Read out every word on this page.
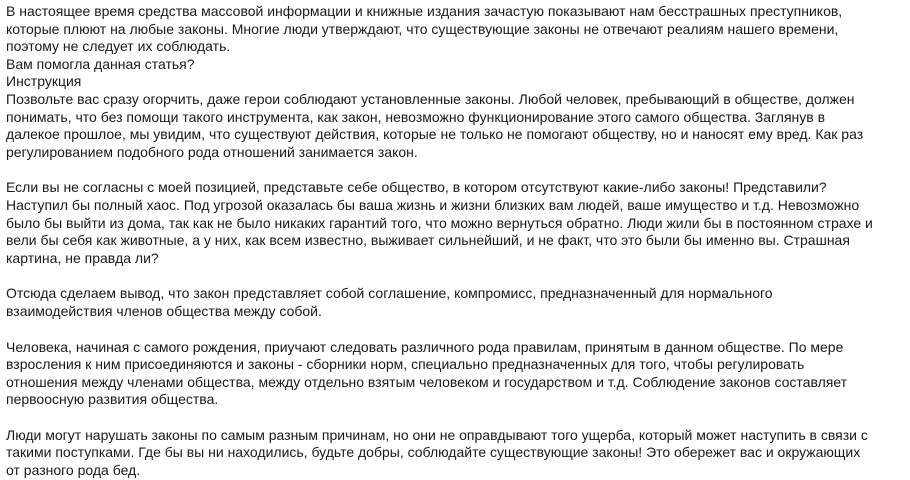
В настоящее время средства массовой информации и книжные издания зачастую показывают нам бесстрашных преступников,
которые плюют на любые законы. Многие люди утверждают, что существующие законы не отвечают реалиям нашего времени,
поэтому не следует их соблюдать.

Вам помогла данная статья?

Инструкция

Позвольте вас сразу огорчить, даже герои соблюдают установленные законы. Любой человек, пребывающий в обществе, должен
понимать, что без помощи такого инструмента, как закон, невозможно функционирование этого самого общества. Заглянув в
далекое прошлое, мы увидим, что существуют действия, которые не только не помогают обществу, но и наносят ему вред. Как раз
регулированием подобного рода отношений занимается закон.

Если вы не согласны с моей позицией, представьте себе общество, в котором отсутствуют какие-либо законы! Представили?
Наступил бы полный хаос. Под угрозой оказалась бы ваша жизнь и жизни близких вам людей, ваше имущество и т.д. Невозможно
было бы выйти из дома, так как не было никаких гарантий того, что можно вернуться обратно. Люди жили бы в постоянном страхе и
вели бы себя как животные, а у них, как всем известно, выживает сильнейший, и не факт, что это были бы именно вы. Страшная
картина, не правда ли?

Отсюда сделаем вывод, что закон представляет собой соглашение, компромисс, предназначенный для нормального
взаимодействия членов общества между собой.

Человека, начиная с самого рождения, приучают следовать различного рода правилам, принятым в данном обществе. По мере
взросления к ним присоединяются и законы - сборники норм, специально предназначенных для того, чтобы регулировать
отношения между членами общества, между отдельно взятым человеком и государством и т.д. Соблюдение законов составляет
первоосную развития общества.

Люди могут нарушать законы по самым разным причинам, но они не оправдывают того ущерба, который может наступить в связи с
такими поступками. Где бы вы ни находились, будьте добры, соблюдайте существующие законы! Это обережет вас и окружающих
от разного рода бед.
